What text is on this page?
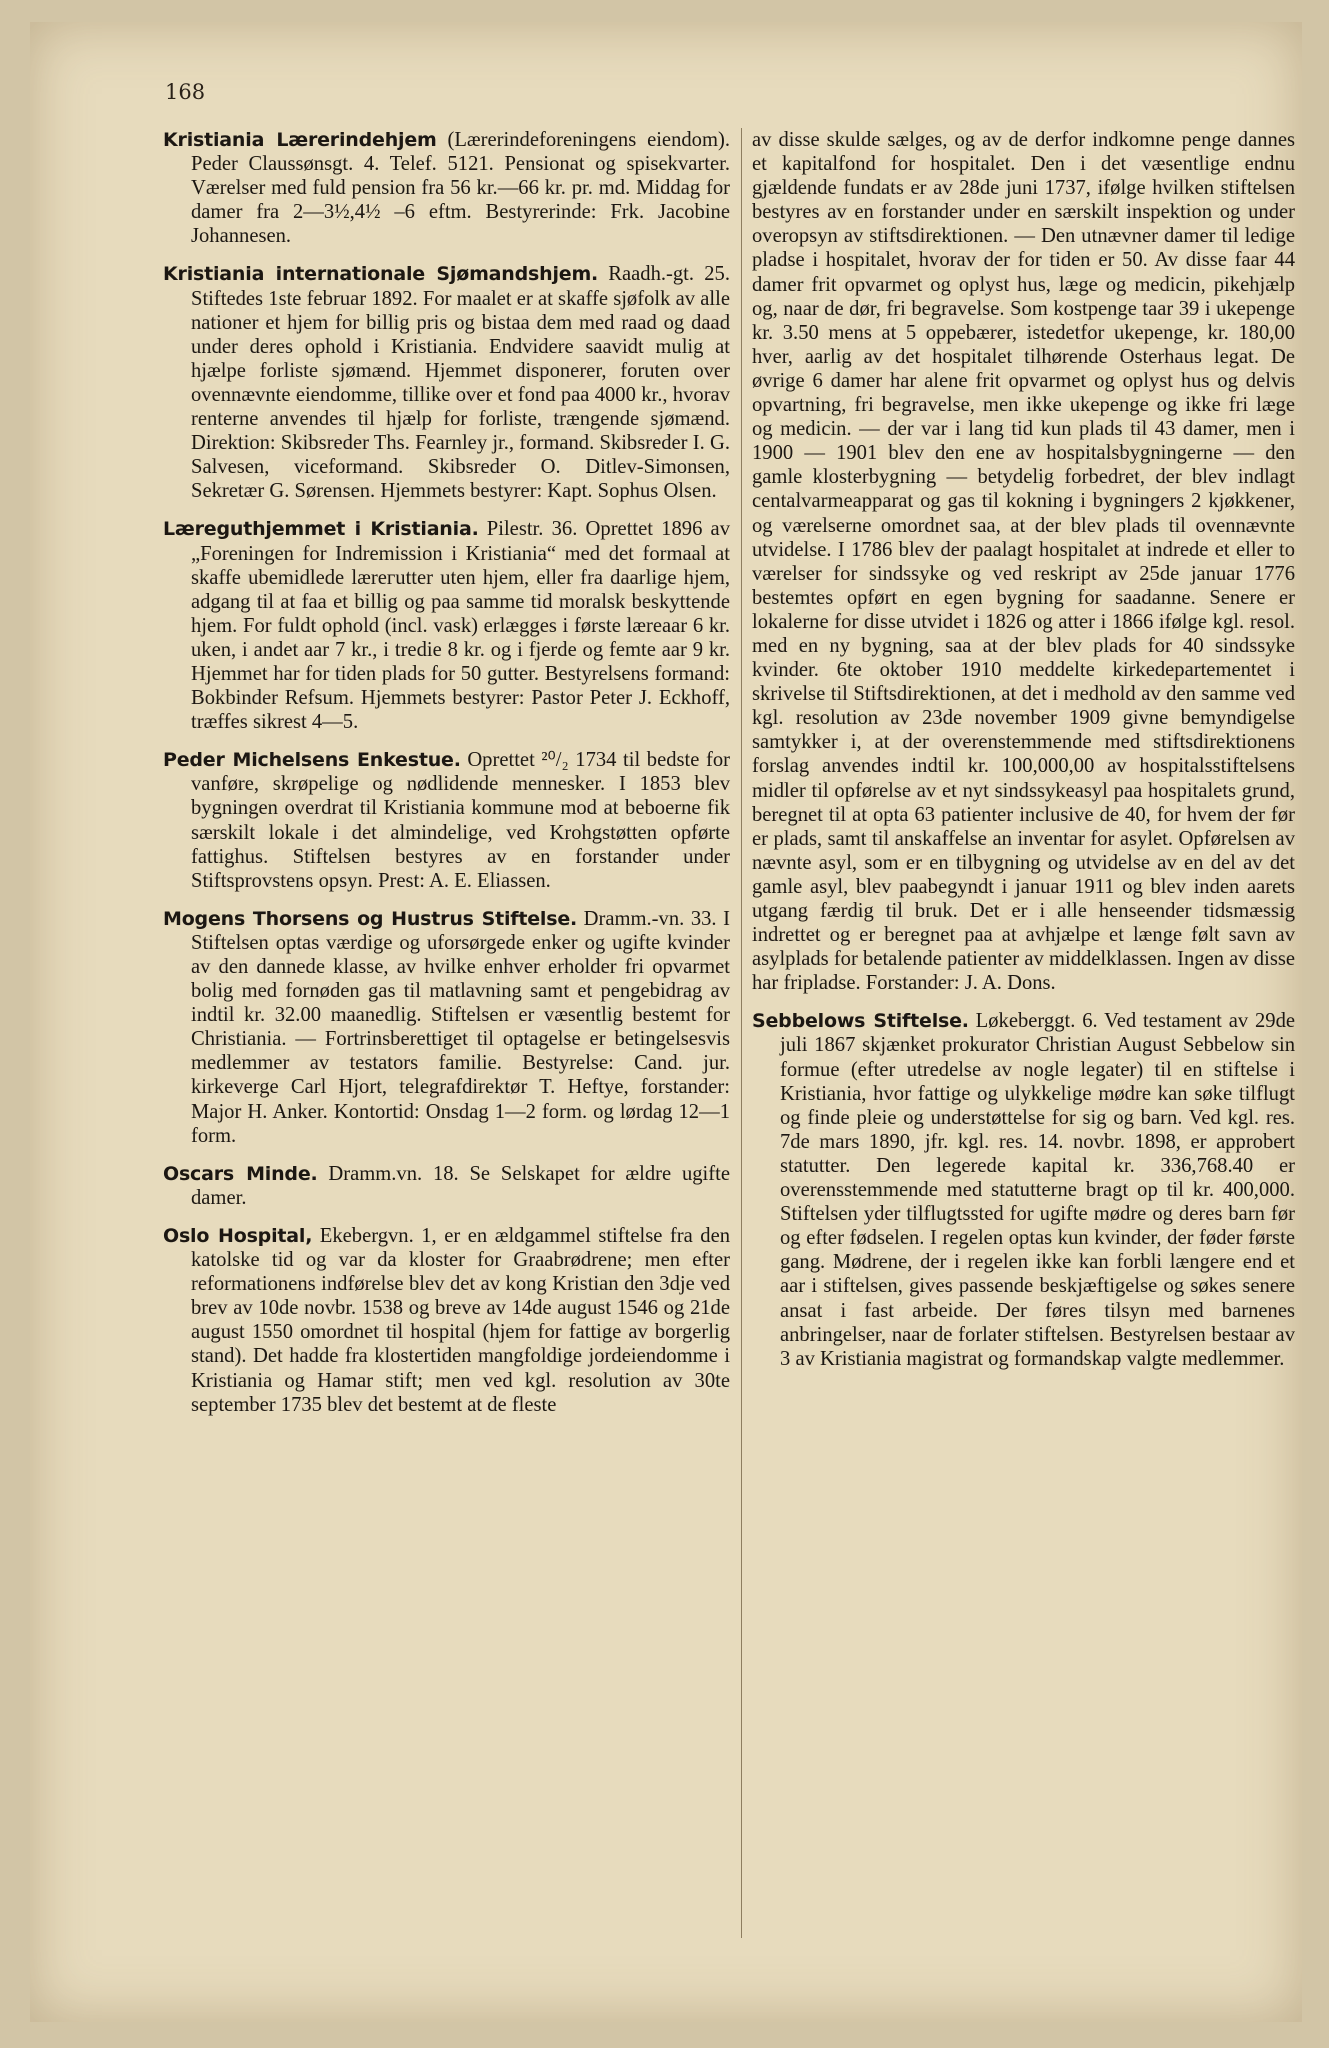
168

Kristiania Lærerindehjem (Lærerindeforeningens eiendom). Peder Claussønsgt. 4. Telef. 5121. Pensionat og spisekvarter. Værelser med fuld pension fra 56 kr.—66 kr. pr. md. Middag for damer fra 2—3½,4½ –6 eftm. Bestyrerinde: Frk. Jacobine Johannesen.

Kristiania internationale Sjømandshjem. Raadh.-gt. 25. Stiftedes 1ste februar 1892. For maalet er at skaffe sjøfolk av alle nationer et hjem for billig pris og bistaa dem med raad og daad under deres ophold i Kristiania. Endvidere saavidt mulig at hjælpe forliste sjømænd. Hjemmet disponerer, foruten over ovennævnte eiendomme, tillike over et fond paa 4000 kr., hvorav renterne anvendes til hjælp for forliste, trængende sjømænd. Direktion: Skibsreder Ths. Fearnley jr., formand. Skibsreder I. G. Salvesen, viceformand. Skibsreder O. Ditlev-Simonsen, Sekretær G. Sørensen. Hjemmets bestyrer: Kapt. Sophus Olsen.

Læreguthjemmet i Kristiania. Pilestr. 36. Oprettet 1896 av „Foreningen for Indremission i Kristiania“ med det formaal at skaffe ubemidlede lærегutter uten hjem, eller fra daarlige hjem, adgang til at faa et billig og paa samme tid moralsk beskyttende hjem. For fuldt ophold (incl. vask) erlægges i første læreaar 6 kr. uken, i andet aar 7 kr., i tredie 8 kr. og i fjerde og femte aar 9 kr. Hjemmet har for tiden plads for 50 gutter. Bestyrelsens formand: Bokbinder Refsum. Hjemmets bestyrer: Pastor Peter J. Eckhoff, træffes sikrest 4—5.

Peder Michelsens Enkestue. Oprettet ²⁰/₂ 1734 til bedste for vanføre, skrøpelige og nødlidende mennesker. I 1853 blev bygningen overdrat til Kristiania kommune mod at beboerne fik særskilt lokale i det almindelige, ved Krohgstøtten opførte fattighus. Stiftelsen bestyres av en forstander under Stiftsprovstens opsyn. Prest: A. E. Eliassen.

Mogens Thorsens og Hustrus Stiftelse. Dramm.-vn. 33. I Stiftelsen optas værdige og uforsørgede enker og ugifte kvinder av den dannede klasse, av hvilke enhver erholder fri opvarmet bolig med fornøden gas til matlavning samt et pengebidrag av indtil kr. 32.00 maanedlig. Stiftelsen er væsentlig bestemt for Christiania. — Fortrinsberettiget til optagelse er betingelsesvis medlemmer av testators familie. Bestyrelse: Cand. jur. kirkeverge Carl Hjort, telegrafdirektør T. Heftye, forstander: Major H. Anker. Kontortid: Onsdag 1—2 form. og lørdag 12—1 form.

Oscars Minde. Dramm.vn. 18. Se Selskapet for ældre ugifte damer.

Oslo Hospital, Ekebergvn. 1, er en ældgammel stiftelse fra den katolske tid og var da kloster for Graabrødrene; men efter reformationens indførelse blev det av kong Kristian den 3dje ved brev av 10de novbr. 1538 og breve av 14de august 1546 og 21de august 1550 omordnet til hospital (hjem for fattige av borgerlig stand). Det hadde fra klostertiden mangfoldige jordeiendomme i Kristiania og Hamar stift; men ved kgl. resolution av 30te september 1735 blev det bestemt at de fleste

av disse skulde sælges, og av de derfor indkomne penge dannes et kapitalfond for hospitalet. Den i det væsentlige endnu gjældende fundats er av 28de juni 1737, ifølge hvilken stiftelsen bestyres av en forstander under en særskilt inspektion og under overopsyn av stiftsdirektionen. — Den utnævner damer til ledige pladse i hospitalet, hvorav der for tiden er 50. Av disse faar 44 damer frit opvarmet og oplyst hus, læge og medicin, pikehjælp og, naar de dør, fri begravelse. Som kostpenge taar 39 i ukepenge kr. 3.50 mens at 5 oppebærer, istedetfor ukepenge, kr. 180,00 hver, aarlig av det hospitalet tilhørende Osterhaus legat. De øvrige 6 damer har alene frit opvarmet og oplyst hus og delvis opvartning, fri begravelse, men ikke ukepenge og ikke fri læge og medicin. — der var i lang tid kun plads til 43 damer, men i 1900 — 1901 blev den ene av hospitalsbygningerne — den gamle klosterbygning — betydelig forbedret, der blev indlagt centalvarmeapparat og gas til kokning i bygningers 2 kjøkkener, og værelserne omordnet saa, at der blev plads til ovennævnte utvidelse. I 1786 blev der paalagt hospitalet at indrede et eller to værelser for sindssyke og ved reskript av 25de januar 1776 bestemtes opført en egen bygning for saadanne. Senere er lokalerne for disse utvidet i 1826 og atter i 1866 ifølge kgl. resol. med en ny bygning, saa at der blev plads for 40 sindssyke kvinder. 6te oktober 1910 meddelte kirkedepartementet i skrivelse til Stiftsdirektionen, at det i medhold av den samme ved kgl. resolution av 23de november 1909 givne bemyndigelse samtykker i, at der overenstemmende med stiftsdirektionens forslag anvendes indtil kr. 100,000,00 av hospitalsstiftelsens midler til opførelse av et nyt sindssykeasyl paa hospitalets grund, beregnet til at opta 63 patienter inclusive de 40, for hvem der før er plads, samt til anskaffelse an inventar for asylet. Opførelsen av nævnte asyl, som er en tilbygning og utvidelse av en del av det gamle asyl, blev paabegyndt i januar 1911 og blev inden aarets utgang færdig til bruk. Det er i alle henseender tidsmæssig indrettet og er beregnet paa at avhjælpe et længe følt savn av asylplads for betalende patienter av middelklassen. Ingen av disse har fripladse. Forstander: J. A. Dons.

Sebbelows Stiftelse. Løkeberggt. 6. Ved testament av 29de juli 1867 skjænket prokurator Christian August Sebbelow sin formue (efter utredelse av nogle legater) til en stiftelse i Kristiania, hvor fattige og ulykkelige mødre kan søke tilflugt og finde pleie og understøttelse for sig og barn. Ved kgl. res. 7de mars 1890, jfr. kgl. res. 14. novbr. 1898, er approbert statutter. Den legerede kapital kr. 336,768.40 er overensstemmende med statutterne bragt op til kr. 400,000. Stiftelsen yder tilflugtssted for ugifte mødre og deres barn før og efter fødselen. I regelen optas kun kvinder, der føder første gang. Mødrene, der i regelen ikke kan forbli længere end et aar i stiftelsen, gives passende beskjæftigelse og søkes senere ansat i fast arbeide. Der føres tilsyn med barnenes anbringelser, naar de forlater stiftelsen. Bestyrelsen bestaar av 3 av Kristiania magistrat og formandskap valgte medlemmer.
